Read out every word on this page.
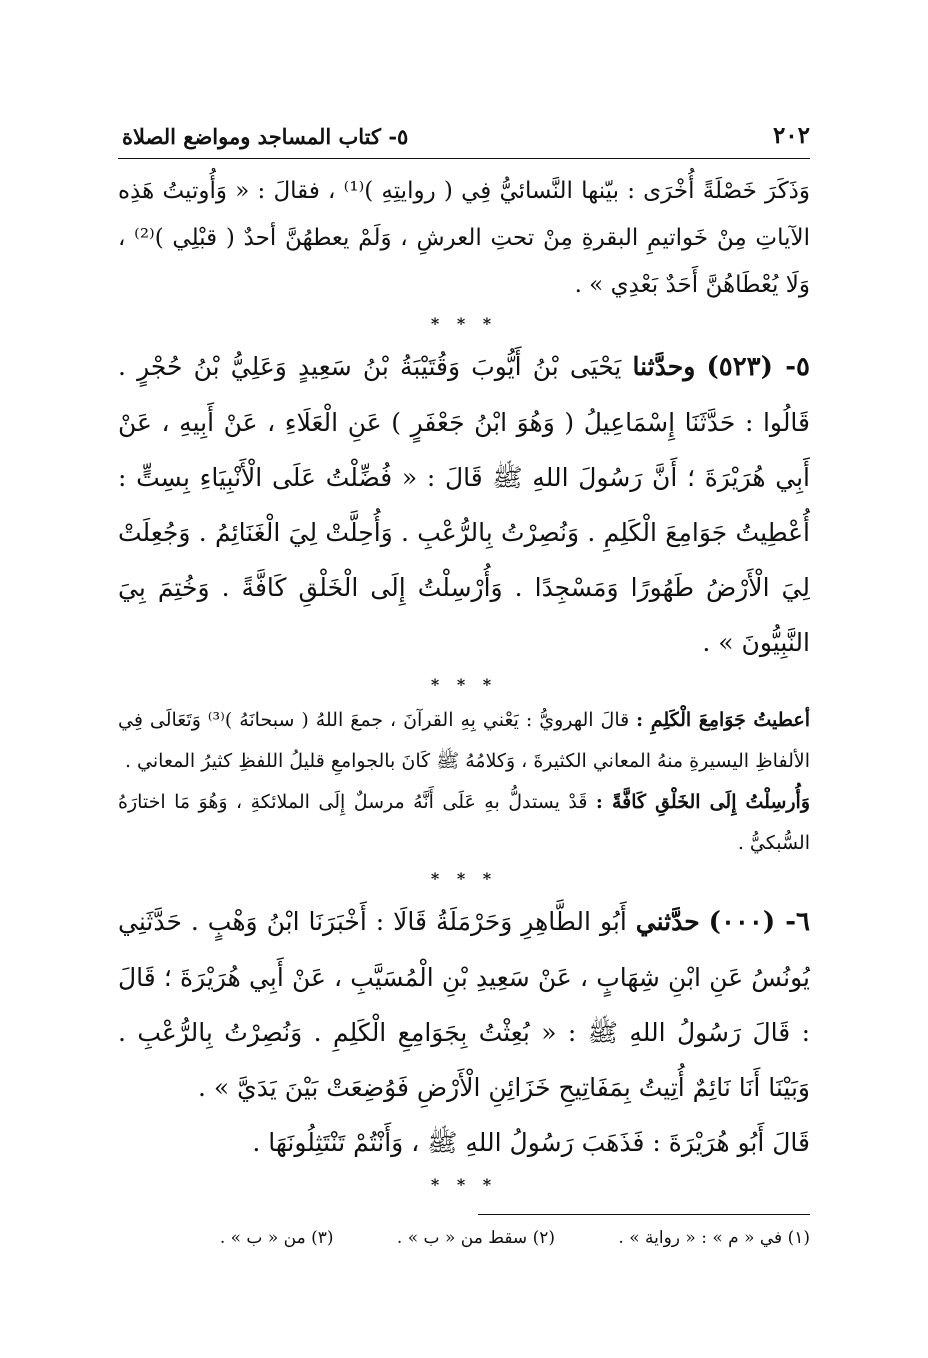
٢٠٢
٥- كتاب المساجد ومواضع الصلاة

وَذَكَرَ خَصْلَةً أُخْرَى : بيّنها النَّسائيُّ فِي ( روايتِهِ )⁽¹⁾ ، فقالَ : « وَأُوتيتُ هَذِه الآياتِ مِنْ خَواتيمِ البقرةِ مِنْ تحتِ العرشِ ، وَلَمْ يعطهُنَّ أحدٌ ( قبْلِي )⁽²⁾ ، وَلَا يُعْطَاهُنَّ أَحَدٌ بَعْدِي » .

* * *

٥- (٥٢٣) وحدَّثنا يَحْيَى بْنُ أَيُّوبَ وَقُتَيْبَةُ بْنُ سَعِيدٍ وَعَلِيُّ بْنُ حُجْرٍ . قَالُوا : حَدَّثَنَا إِسْمَاعِيلُ ( وَهُوَ ابْنُ جَعْفَرٍ ) عَنِ الْعَلَاءِ ، عَنْ أَبِيهِ ، عَنْ أَبِي هُرَيْرَةَ ؛ أَنَّ رَسُولَ اللهِ ﷺ قَالَ : « فُضِّلْتُ عَلَى الْأَنْبِيَاءِ بِسِتٍّ : أُعْطِيتُ جَوَامِعَ الْكَلِمِ . وَنُصِرْتُ بِالرُّعْبِ . وَأُحِلَّتْ لِيَ الْغَنَائِمُ . وَجُعِلَتْ لِيَ الْأَرْضُ طَهُورًا وَمَسْجِدًا . وَأُرْسِلْتُ إِلَى الْخَلْقِ كَافَّةً . وَخُتِمَ بِيَ النَّبِيُّونَ » .

* * *

أعطيتُ جَوَامِعَ الْكَلِمِ : قالَ الهرويُّ : يَعْني بِهِ القرآنَ ، جمعَ اللهُ ( سبحانَهُ )⁽³⁾ وَتَعَالَى فِي الألفاظِ اليسيرةِ منهُ المعاني الكثيرةَ ، وَكلامُهُ ﷺ كَانَ بالجوامعِ قليلُ اللفظِ كثيرُ المعاني .

وَأُرسِلْتُ إِلَى الخَلْقِ كَافَّةً : قَدْ يستدلُّ بهِ عَلَى أَنَّهُ مرسلٌ إِلَى الملائكةِ ، وَهُوَ مَا اختارَهُ السُّبكيُّ .

* * *

٦- (٠٠٠) حدَّثني أَبُو الطَّاهِرِ وَحَرْمَلَةُ قَالَا : أَخْبَرَنَا ابْنُ وَهْبٍ . حَدَّثَنِي يُونُسُ عَنِ ابْنِ شِهَابٍ ، عَنْ سَعِيدِ بْنِ الْمُسَيَّبِ ، عَنْ أَبِي هُرَيْرَةَ ؛ قَالَ : قَالَ رَسُولُ اللهِ ﷺ : « بُعِثْتُ بِجَوَامِعِ الْكَلِمِ . وَنُصِرْتُ بِالرُّعْبِ . وَبَيْنَا أَنَا نَائِمٌ أُتِيتُ بِمَفَاتِيحِ خَزَائِنِ الْأَرْضِ فَوُضِعَتْ بَيْنَ يَدَيَّ » .

قَالَ أَبُو هُرَيْرَةَ : فَذَهَبَ رَسُولُ اللهِ ﷺ ، وَأَنْتُمْ تَنْتَثِلُونَهَا .

* * *
(١) في « م » : « رواية » . (٢) سقط من « ب » . (٣) من « ب » .
